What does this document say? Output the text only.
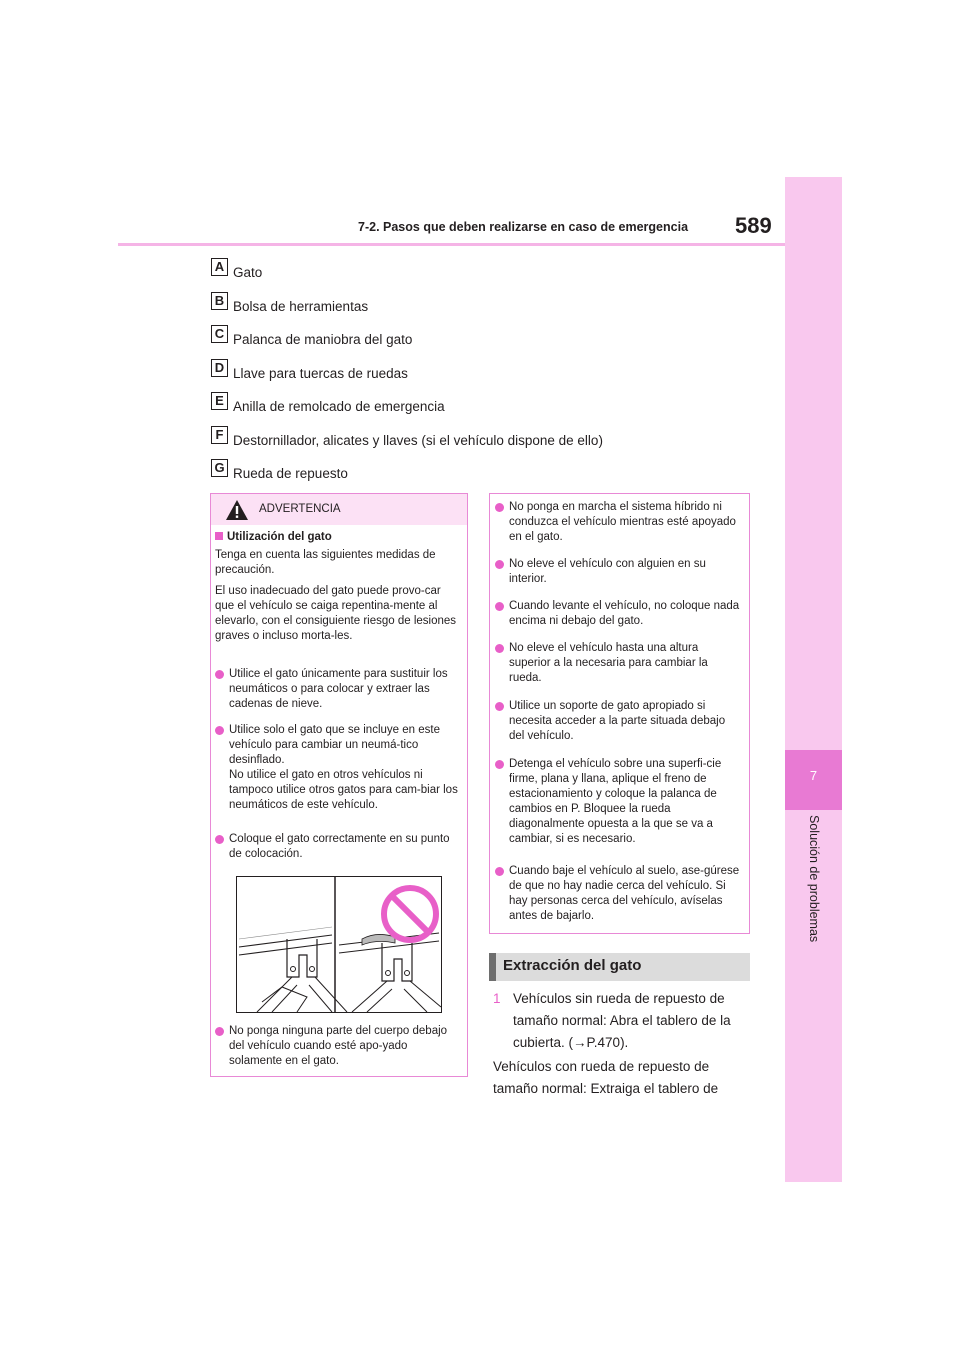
7
Solución de problemas
7-2. Pasos que deben realizarse en caso de emergencia 589
A Gato
B Bolsa de herramientas
C Palanca de maniobra del gato
D Llave para tuercas de ruedas
E Anilla de remolcado de emergencia
F Destornillador, alicates y llaves (si el vehículo dispone de ello)
G Rueda de repuesto
ADVERTENCIA
Utilización del gato
Tenga en cuenta las siguientes medidas de precaución.
El uso inadecuado del gato puede provo-car que el vehículo se caiga repentina-mente al elevarlo, con el consiguiente riesgo de lesiones graves o incluso morta-les.
Utilice el gato únicamente para sustituir los neumáticos o para colocar y extraer las cadenas de nieve.
Utilice solo el gato que se incluye en este vehículo para cambiar un neumá-tico desinflado.
No utilice el gato en otros vehículos ni tampoco utilice otros gatos para cam-biar los neumáticos de este vehículo.
Coloque el gato correctamente en su punto de colocación.
No ponga ninguna parte del cuerpo debajo del vehículo cuando esté apo-yado solamente en el gato.
No ponga en marcha el sistema híbrido ni conduzca el vehículo mientras esté apoyado en el gato.
No eleve el vehículo con alguien en su interior.
Cuando levante el vehículo, no coloque nada encima ni debajo del gato.
No eleve el vehículo hasta una altura superior a la necesaria para cambiar la rueda.
Utilice un soporte de gato apropiado si necesita acceder a la parte situada debajo del vehículo.
Detenga el vehículo sobre una superfi-cie firme, plana y llana, aplique el freno de estacionamiento y coloque la palanca de cambios en P. Bloquee la rueda diagonalmente opuesta a la que se va a cambiar, si es necesario.
Cuando baje el vehículo al suelo, ase-gúrese de que no hay nadie cerca del vehículo. Si hay personas cerca del vehículo, avíselas antes de bajarlo.
Extracción del gato
1 Vehículos sin rueda de repuesto de tamaño normal: Abra el tablero de la cubierta. (→P.470).
Vehículos con rueda de repuesto de tamaño normal: Extraiga el tablero de
